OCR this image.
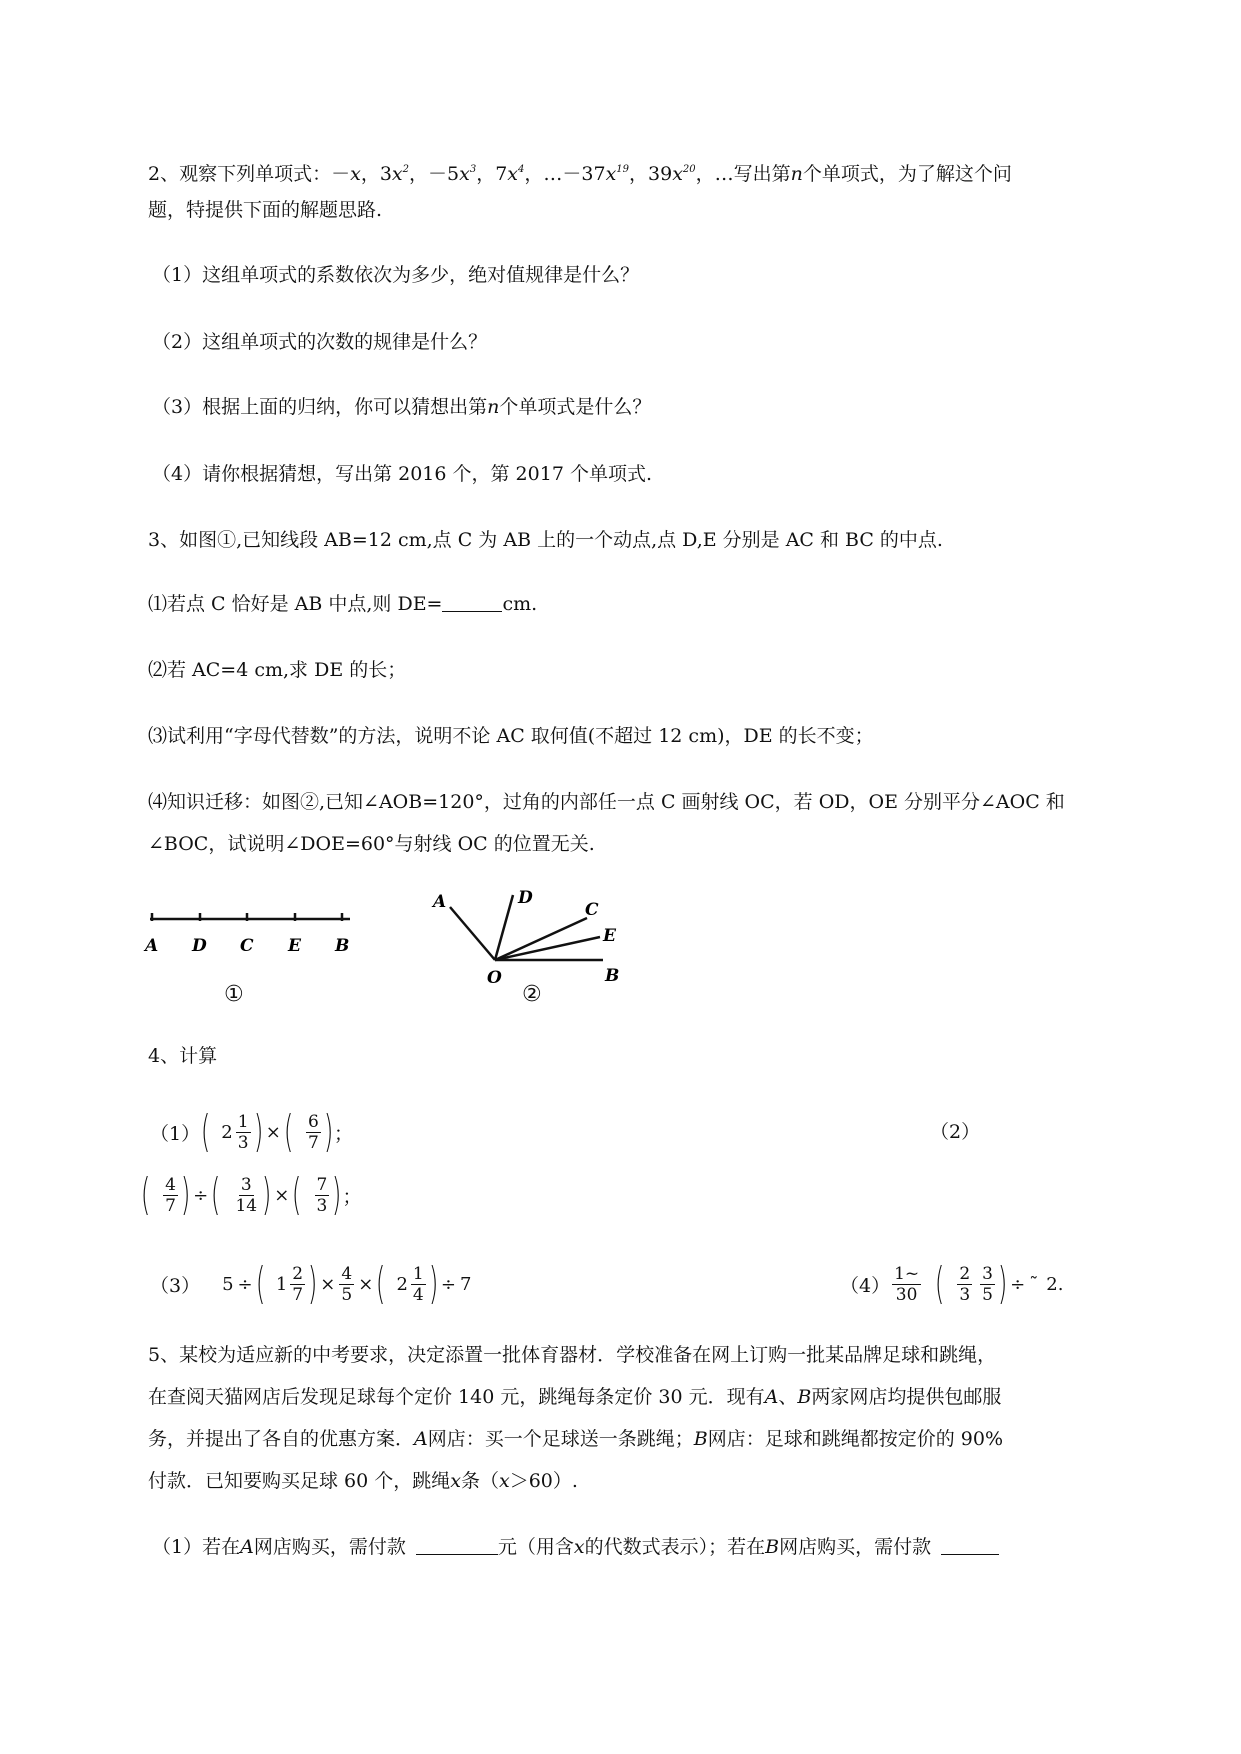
2、观察下列单项式：－x，$3x^2$，$-5x^3$，$7x^4$，$\dots-37x^{19}$，$39x^{20}$，…写出第n个单项式，为了解这个问
题，特提供下面的解题思路.
（1）这组单项式的系数依次为多少，绝对值规律是什么？
（2）这组单项式的次数的规律是什么？
（3）根据上面的归纳，你可以猜想出第n个单项式是什么？
（4）请你根据猜想，写出第 2016 个，第 2017 个单项式.
3、如图①,已知线段 AB=12 cm,点 C 为 AB 上的一个动点,点 D,E 分别是 AC 和 BC 的中点.
⑴若点 C 恰好是 AB 中点,则 DE=	cm.
⑵若 AC=4 cm,求 DE 的长；
⑶试利用“字母代替数”的方法，说明不论 AC 取何值(不超过 12 cm)，DE 的长不变；
⑷知识迁移：如图②,已知∠AOB=120°，过角的内部任一点 C 画射线 OC，若 OD，OE 分别平分∠AOC 和
∠BOC，试说明∠DOE=60°与射线 OC 的位置无关.
A D C E B
①
A	D
C
E
O	B
②
4、计算
（1） ( $2 \frac{1}{3}$ ) × ( $\frac{6}{7}$ ) ；	（2）
( $\frac{4}{7}$ ) ÷ ( $\frac{3}{14}$ ) × ( $\frac{7}{3}$ ) ；
（3） 5 ÷ ( $1 \frac{2}{7}$ ) × $\frac{4}{5}$ × ( $2 \frac{1}{4}$ ) ÷ 7	$(4) \frac{1\sim}{30}$ ( $\frac{2}{3} \frac{3}{5}$ ) ÷ ˜ 2.
5、某校为适应新的中考要求，决定添置一批体育器材．学校准备在网上订购一批某品牌足球和跳绳，
在查阅天猫网店后发现足球每个定价 140 元，跳绳每条定价 30 元．现有A、B两家网店均提供包邮服
务，并提出了各自的优惠方案．A网店：买一个足球送一条跳绳；B网店：足球和跳绳都按定价的 90%
付款．已知要购买足球 60 个，跳绳x条（x＞60）.
（1）若在A网店购买，需付款	元（用含x的代数式表示）；若在B网店购买，需付款
